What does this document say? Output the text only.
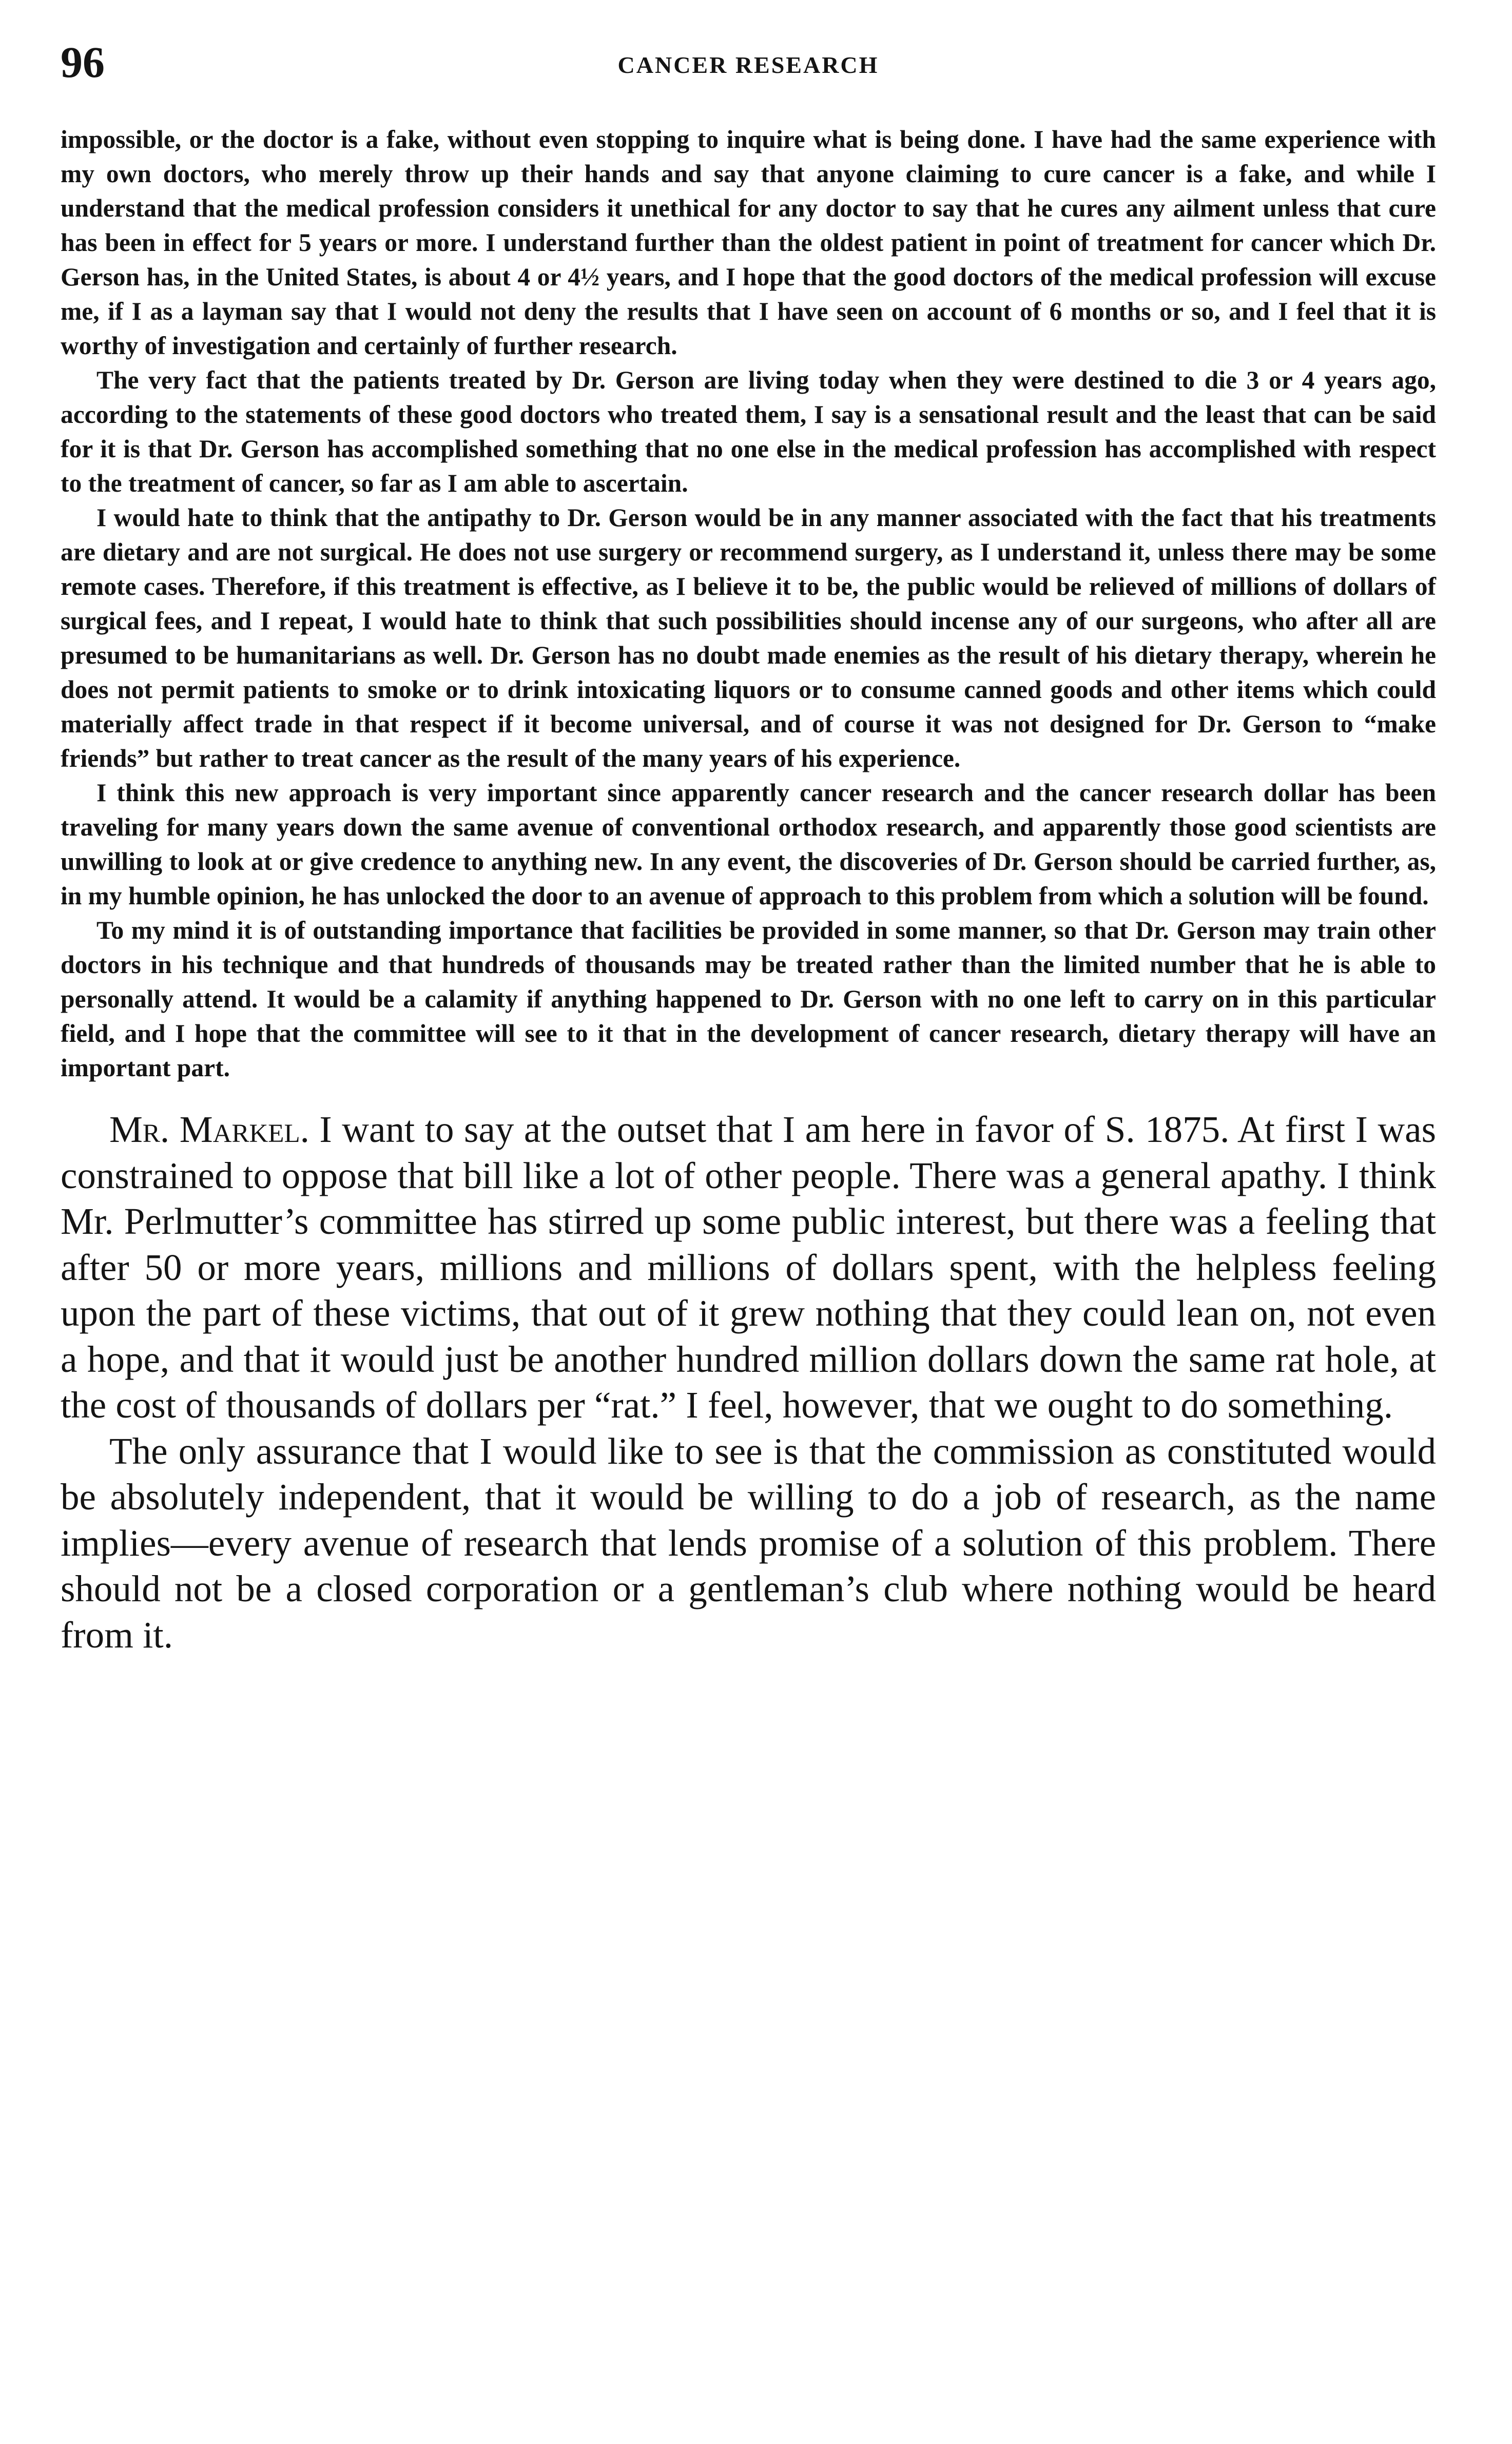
96	CANCER RESEARCH

impossible, or the doctor is a fake, without even stopping to inquire what is being done. I have had the same experience with my own doctors, who merely throw up their hands and say that anyone claiming to cure cancer is a fake, and while I understand that the medical profession considers it unethical for any doctor to say that he cures any ailment unless that cure has been in effect for 5 years or more. I understand further than the oldest patient in point of treatment for cancer which Dr. Gerson has, in the United States, is about 4 or 4½ years, and I hope that the good doctors of the medical profession will excuse me, if I as a layman say that I would not deny the results that I have seen on account of 6 months or so, and I feel that it is worthy of investigation and certainly of further research.

The very fact that the patients treated by Dr. Gerson are living today when they were destined to die 3 or 4 years ago, according to the statements of these good doctors who treated them, I say is a sensational result and the least that can be said for it is that Dr. Gerson has accomplished something that no one else in the medical profession has accomplished with respect to the treatment of cancer, so far as I am able to ascertain.

I would hate to think that the antipathy to Dr. Gerson would be in any manner associated with the fact that his treatments are dietary and are not surgical. He does not use surgery or recommend surgery, as I understand it, unless there may be some remote cases. Therefore, if this treatment is effective, as I believe it to be, the public would be relieved of millions of dollars of surgical fees, and I repeat, I would hate to think that such possibilities should incense any of our surgeons, who after all are presumed to be humanitarians as well. Dr. Gerson has no doubt made enemies as the result of his dietary therapy, wherein he does not permit patients to smoke or to drink intoxicating liquors or to consume canned goods and other items which could materially affect trade in that respect if it become universal, and of course it was not designed for Dr. Gerson to “make friends” but rather to treat cancer as the result of the many years of his experience.

I think this new approach is very important since apparently cancer research and the cancer research dollar has been traveling for many years down the same avenue of conventional orthodox research, and apparently those good scientists are unwilling to look at or give credence to anything new. In any event, the discoveries of Dr. Gerson should be carried further, as, in my humble opinion, he has unlocked the door to an avenue of approach to this problem from which a solution will be found.

To my mind it is of outstanding importance that facilities be provided in some manner, so that Dr. Gerson may train other doctors in his technique and that hundreds of thousands may be treated rather than the limited number that he is able to personally attend. It would be a calamity if anything happened to Dr. Gerson with no one left to carry on in this particular field, and I hope that the committee will see to it that in the development of cancer research, dietary therapy will have an important part.

Mr. Markel. I want to say at the outset that I am here in favor of S. 1875. At first I was constrained to oppose that bill like a lot of other people. There was a general apathy. I think Mr. Perlmutter’s committee has stirred up some public interest, but there was a feeling that after 50 or more years, millions and millions of dollars spent, with the helpless feeling upon the part of these victims, that out of it grew nothing that they could lean on, not even a hope, and that it would just be another hundred million dollars down the same rat hole, at the cost of thousands of dollars per “rat.” I feel, however, that we ought to do something.

The only assurance that I would like to see is that the commission as constituted would be absolutely independent, that it would be willing to do a job of research, as the name implies—every avenue of research that lends promise of a solution of this problem. There should not be a closed corporation or a gentleman’s club where nothing would be heard from it.
